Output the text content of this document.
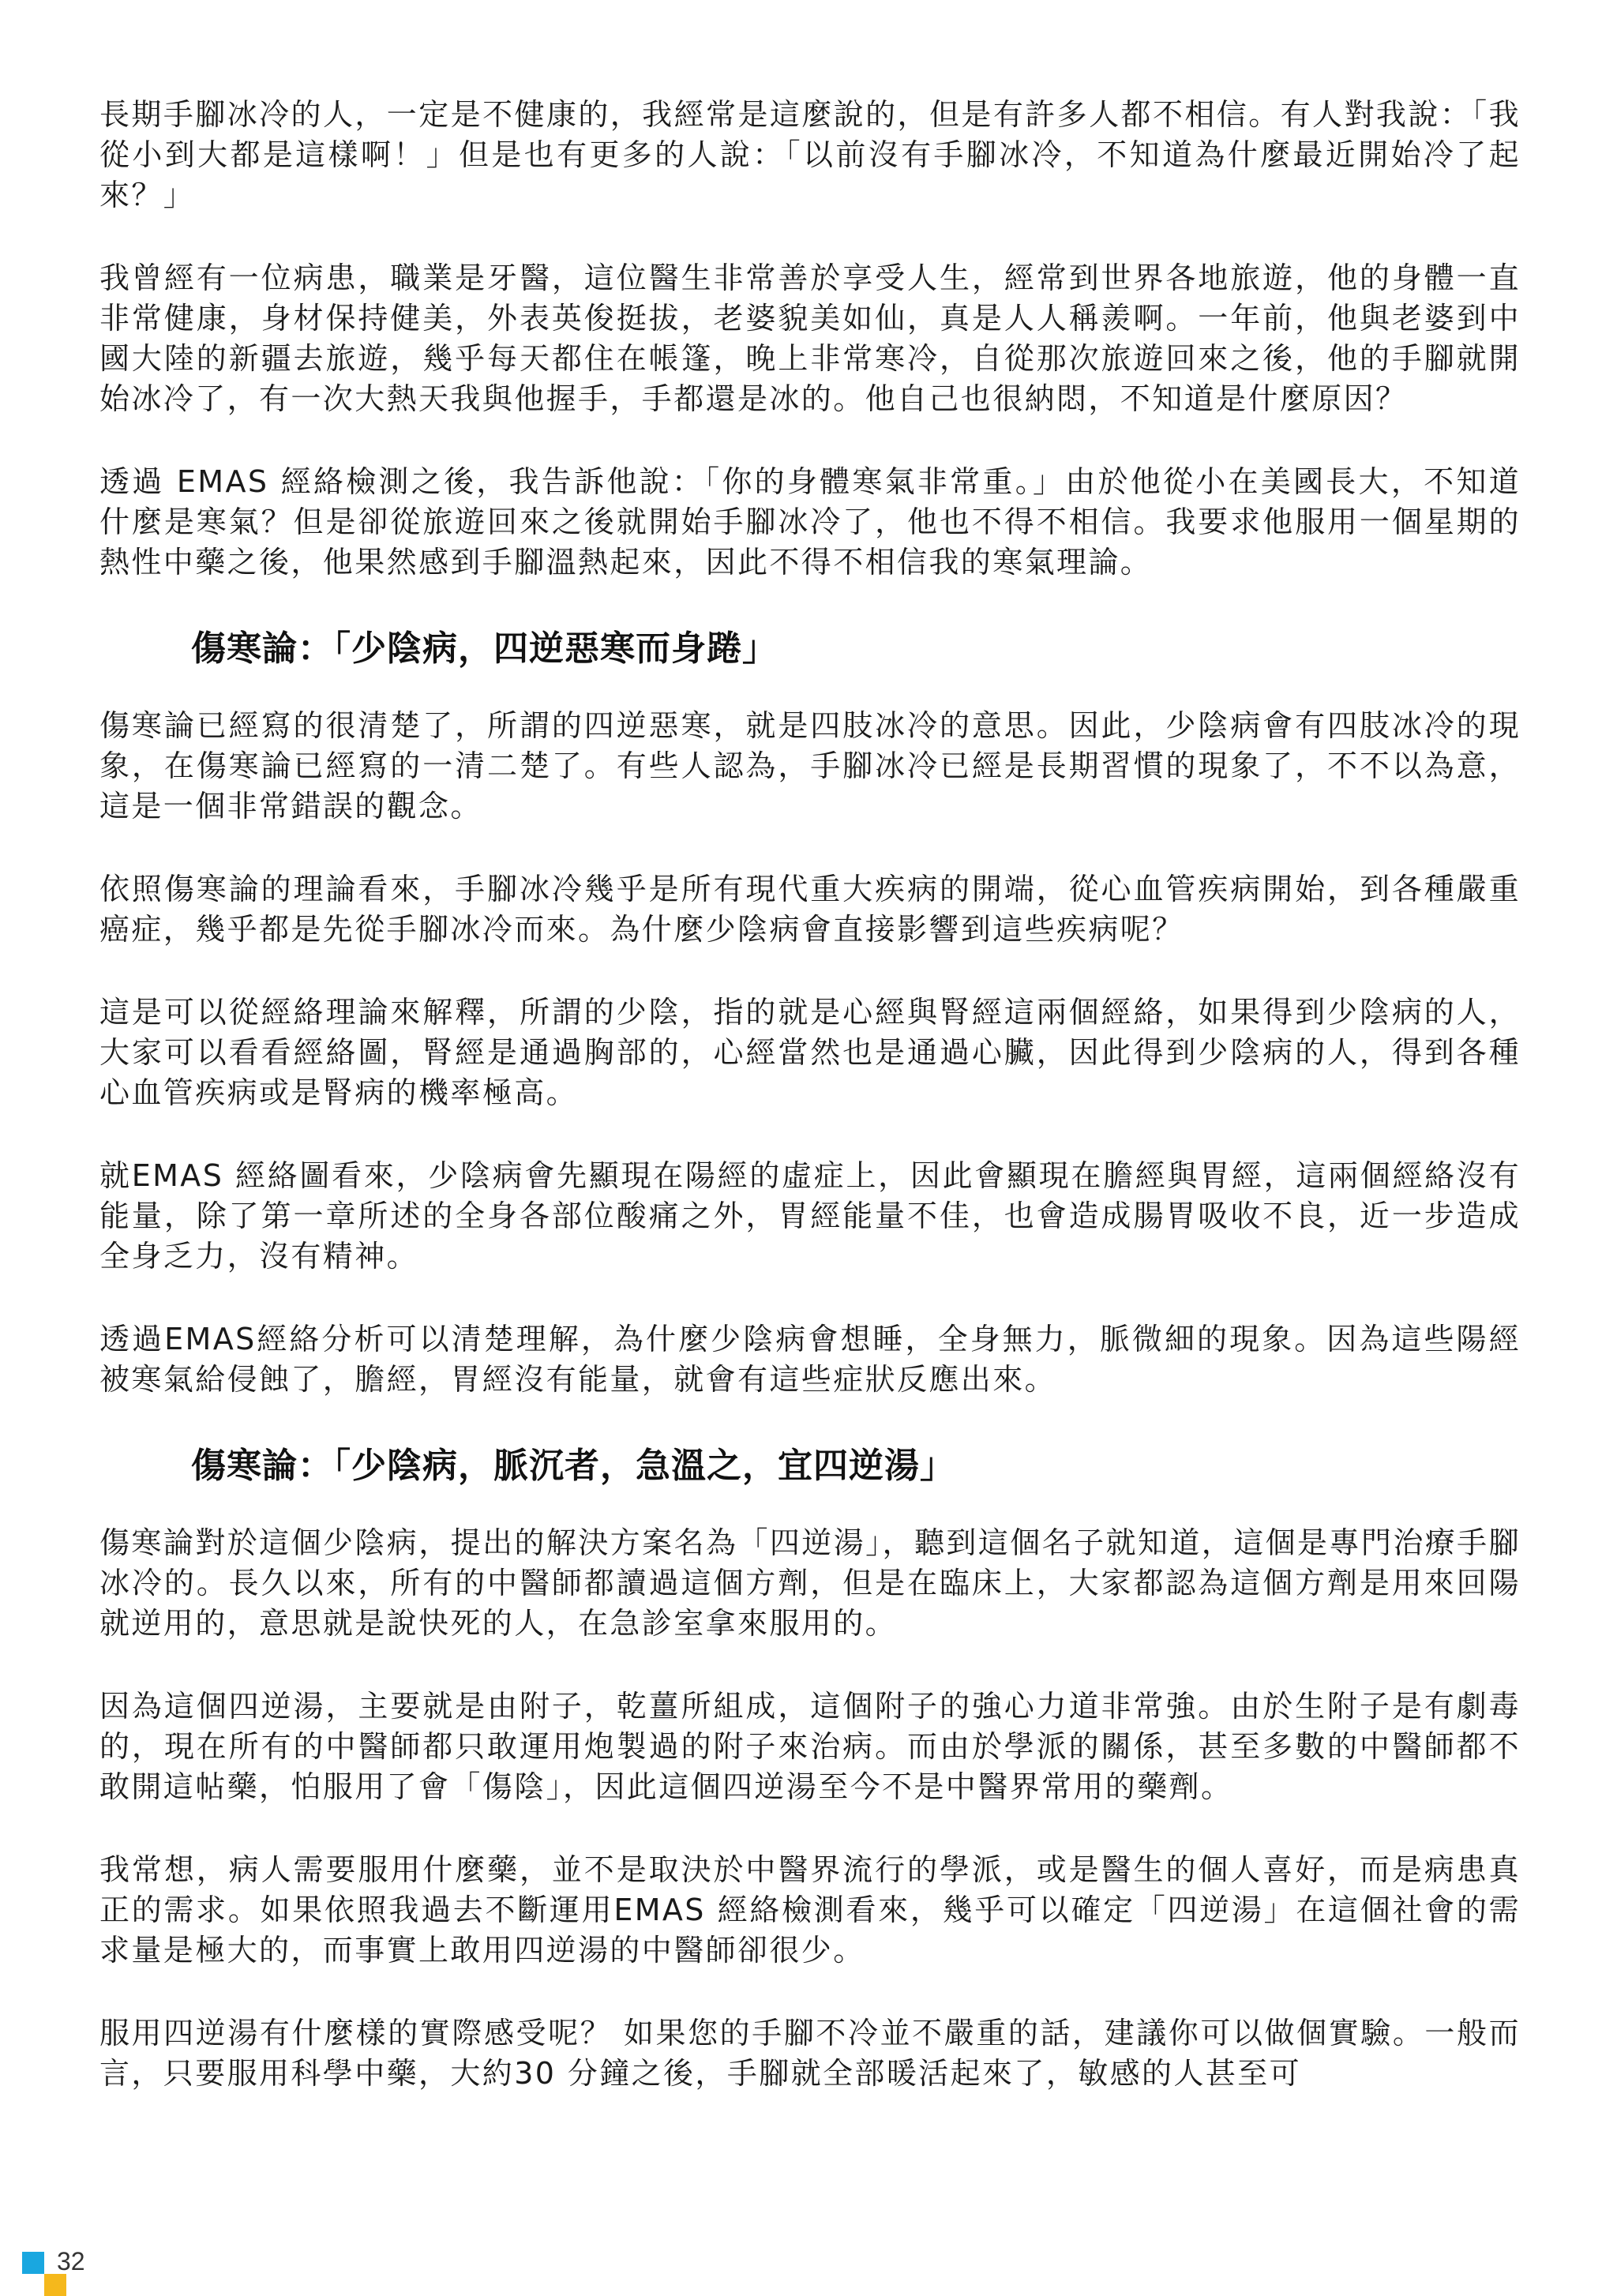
長期手腳冰冷的人，一定是不健康的，我經常是這麼說的，但是有許多人都不相信。有人對我說：「我從小到大都是這樣啊！」但是也有更多的人說：「以前沒有手腳冰冷，不知道為什麼最近開始冷了起來？」

我曾經有一位病患，職業是牙醫，這位醫生非常善於享受人生，經常到世界各地旅遊，他的身體一直非常健康，身材保持健美，外表英俊挺拔，老婆貌美如仙，真是人人稱羨啊。一年前，他與老婆到中國大陸的新疆去旅遊，幾乎每天都住在帳篷，晚上非常寒冷，自從那次旅遊回來之後，他的手腳就開始冰冷了，有一次大熱天我與他握手，手都還是冰的。他自己也很納悶，不知道是什麼原因？

透過 EMAS 經絡檢測之後，我告訴他說：「你的身體寒氣非常重。」由於他從小在美國長大，不知道什麼是寒氣？但是卻從旅遊回來之後就開始手腳冰冷了，他也不得不相信。我要求他服用一個星期的熱性中藥之後，他果然感到手腳溫熱起來，因此不得不相信我的寒氣理論。

傷寒論：「少陰病，四逆惡寒而身踡」

傷寒論已經寫的很清楚了，所謂的四逆惡寒，就是四肢冰冷的意思。因此，少陰病會有四肢冰冷的現象，在傷寒論已經寫的一清二楚了。有些人認為，手腳冰冷已經是長期習慣的現象了，不不以為意，這是一個非常錯誤的觀念。

依照傷寒論的理論看來，手腳冰冷幾乎是所有現代重大疾病的開端，從心血管疾病開始，到各種嚴重癌症，幾乎都是先從手腳冰冷而來。為什麼少陰病會直接影響到這些疾病呢？

這是可以從經絡理論來解釋，所謂的少陰，指的就是心經與腎經這兩個經絡，如果得到少陰病的人，大家可以看看經絡圖，腎經是通過胸部的，心經當然也是通過心臟，因此得到少陰病的人，得到各種心血管疾病或是腎病的機率極高。

就EMAS 經絡圖看來，少陰病會先顯現在陽經的虛症上，因此會顯現在膽經與胃經，這兩個經絡沒有能量，除了第一章所述的全身各部位酸痛之外，胃經能量不佳，也會造成腸胃吸收不良，近一步造成全身乏力，沒有精神。

透過EMAS經絡分析可以清楚理解，為什麼少陰病會想睡，全身無力，脈微細的現象。因為這些陽經被寒氣給侵蝕了，膽經，胃經沒有能量，就會有這些症狀反應出來。

傷寒論：「少陰病，脈沉者，急溫之，宜四逆湯」

傷寒論對於這個少陰病，提出的解決方案名為「四逆湯」，聽到這個名子就知道，這個是專門治療手腳冰冷的。長久以來，所有的中醫師都讀過這個方劑，但是在臨床上，大家都認為這個方劑是用來回陽就逆用的，意思就是說快死的人，在急診室拿來服用的。

因為這個四逆湯，主要就是由附子，乾薑所組成，這個附子的強心力道非常強。由於生附子是有劇毒的，現在所有的中醫師都只敢運用炮製過的附子來治病。而由於學派的關係，甚至多數的中醫師都不敢開這帖藥，怕服用了會「傷陰」，因此這個四逆湯至今不是中醫界常用的藥劑。

我常想，病人需要服用什麼藥，並不是取決於中醫界流行的學派，或是醫生的個人喜好，而是病患真正的需求。如果依照我過去不斷運用EMAS 經絡檢測看來，幾乎可以確定「四逆湯」在這個社會的需求量是極大的，而事實上敢用四逆湯的中醫師卻很少。

服用四逆湯有什麼樣的實際感受呢？ 如果您的手腳不冷並不嚴重的話，建議你可以做個實驗。一般而言，只要服用科學中藥，大約30 分鐘之後，手腳就全部暖活起來了，敏感的人甚至可

32
